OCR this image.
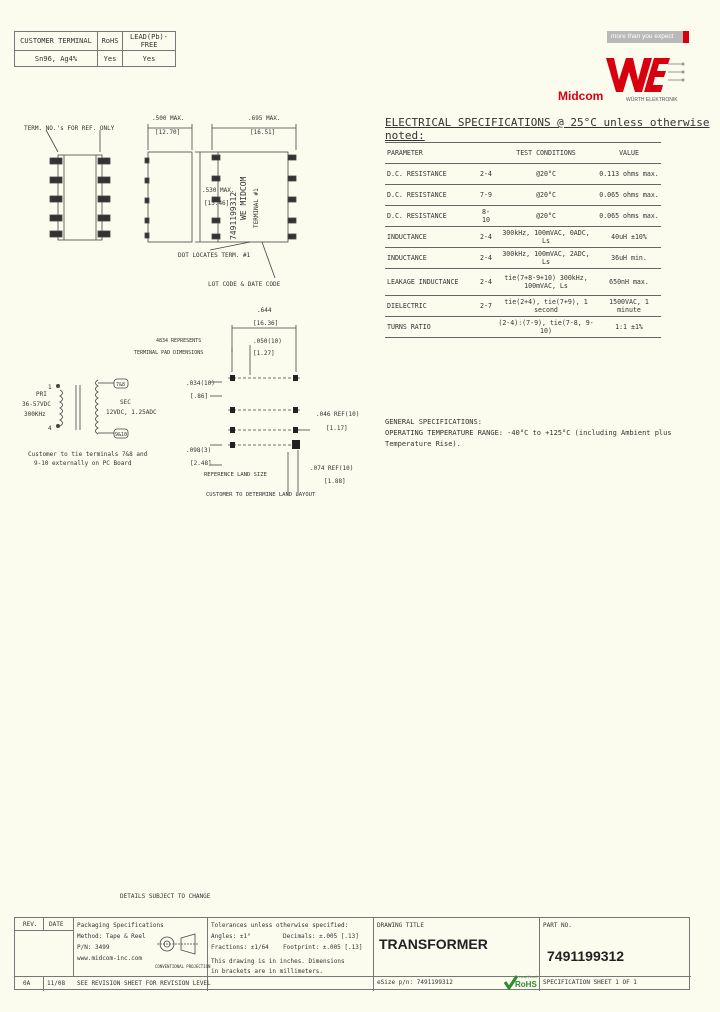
CUSTOMER TERMINAL	RoHS	LEAD(Pb)-FREE
Sn96, Ag4%	Yes	Yes
more than you expect
Midcom	WÜRTH ELEKTRONIK
TERM. NO.'s FOR REF. ONLY
.500 MAX.
[12.70]
.695 MAX.
[16.51]
.530 MAX.
[13.46] 7491199312 WE MIDCOM TERMINAL #1
DOT LOCATES TERM. #1
LOT CODE & DATE CODE
.644
[16.36]
4834 REPRESENTS
TERMINAL PAD DIMENSIONS
.050(10)
[1.27]
.034(10)
[.86]
.098(3)
[2.48]
.046 REF(10)
[1.17]
.074 REF(10)
[1.88]
REFERENCE LAND SIZE
CUSTOMER TO DETERMINE LAND LAYOUT
1
4
7&8
9&10
PRI
36-57VDC
300KHz
SEC
12VDC, 1.25ADC
Customer to tie terminals 7&8 and
9-10 externally on PC Board
DETAILS SUBJECT TO CHANGE
ELECTRICAL SPECIFICATIONS @ 25°C unless otherwise noted:
PARAMETER		TEST CONDITIONS	VALUE
D.C. RESISTANCE	2-4	@20°C	0.113 ohms max.
D.C. RESISTANCE	7-9	@20°C	0.065 ohms max.
D.C. RESISTANCE	8-10	@20°C	0.065 ohms max.
INDUCTANCE	2-4	300kHz, 100mVAC, 0ADC, Ls	40uH ±10%
INDUCTANCE	2-4	300kHz, 100mVAC, 2ADC, Ls	36uH min.
LEAKAGE INDUCTANCE	2-4	tie(7+8-9+10) 300kHz, 100mVAC, Ls	650nH max.
DIELECTRIC	2-7	tie(2+4), tie(7+9), 1 second	1500VAC, 1 minute
TURNS RATIO		(2-4):(7-9), tie(7-8, 9-10)	1:1 ±1%
GENERAL SPECIFICATIONS:
OPERATING TEMPERATURE RANGE: -40°C to +125°C (including Ambient plus Temperature Rise).
REV. DATE
0A	11/08 SEE REVISION SHEET FOR REVISION LEVEL
Packaging Specifications
Method: Tape & Reel
P/N: 3499
www.midcom-inc.com
CONVENTIONAL PROJECTION
Tolerances unless otherwise specified:
Angles: ±1°	Decimals: ±.005 [.13]
Fractions: ±1/64 Footprint: ±.005 [.13]
This drawing is in inches. Dimensions
in brackets are in millimeters.
DRAWING TITLE
TRANSFORMER
eSize p/n: 7491199312
compliant
RoHS
PART NO.
7491199312
SPECIFICATION SHEET 1 OF 1
